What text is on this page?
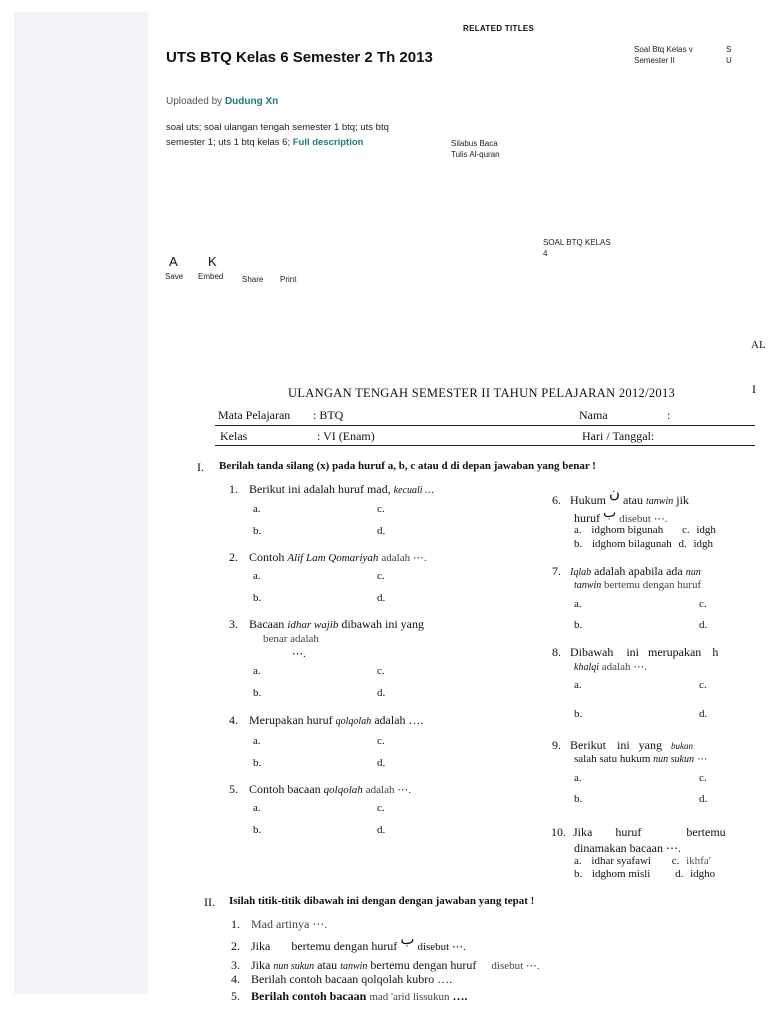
UTS BTQ Kelas 6 Semester 2 Th 2013
Uploaded by Dudung Xn
soal uts; soal ulangan tengah semester 1 btq; uts btq semester 1; uts 1 btq kelas 6; Full description
RELATED TITLES
Soal Btq Kelas v
Semester II
S
U
Silabus Baca
Tulis Al-quran
SOAL BTQ KELAS
4
A K
Save Embed Share Print
AL
ULANGAN TENGAH SEMESTER II TAHUN PELAJARAN 2012/2013	I
Mata Pelajaran : BTQ	Nama	:
Kelas	: VI (Enam)	Hari / Tanggal:
I. Berilah tanda silang (x) pada huruf a, b, c atau d di depan jawaban yang benar !
1. Berikut ini adalah huruf mad, kecuali …
a.	c.
b.	d.
2. Contoh Alif Lam Qomariyah adalah ⋯.
a.	c.
b.	d.
3. Bacaan idhar wajib dibawah ini yang
benar adalah
⋯.
a.	c.
b.	d.
4. Merupakan huruf qolqolah adalah ….
a.	c.
b.	d.
5. Contoh bacaan qolqolah adalah ⋯.
a.	c.
b.	d.
6. Hukum ن atau tanwin jik
huruf ب disebut ⋯.
a. idghom bigunah c. idgh
b. idghom bilagunah d. idgh
7. Iqlab adalah apabila ada nun
tanwin bertemu dengan huruf
a.	c.
b.	d.
8. Dibawah ini merupakan h
khalqi adalah ⋯.
a.	c.
b.	d.
9. Berikut ini yang bukan
salah satu hukum nun sukun ⋯
a.	c.
b.	d.
10. Jika huruf	bertemu
dinamakan bacaan ⋯.
a. idhar syafawi c. ikhfa'
b. idghom misli d. idgho
II. Isilah titik-titik dibawah ini dengan dengan jawaban yang tepat !
1. Mad artinya ⋯.
2. Jika bertemu dengan huruf ب disebut ⋯.
3. Jika nun sukun atau tanwin bertemu dengan huruf disebut ⋯.
4. Berilah contoh bacaan qolqolah kubro ….
5. Berilah contoh bacaan mad 'arid lissukun ….
